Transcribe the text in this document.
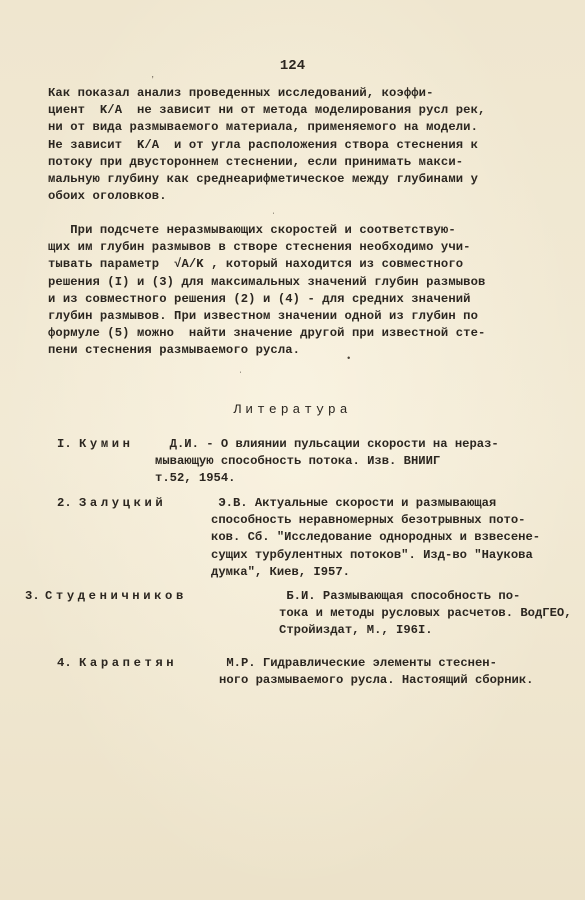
124
Как показал анализ проведенных исследований, коэффи-
циент  K/A  не зависит ни от метода моделирования русл рек,
ни от вида размываемого материала, применяемого на модели.
Не зависит  K/A  и от угла расположения створа стеснения к
потоку при двустороннем стеснении, если принимать макси-
мальную глубину как среднеарифметическое между глубинами у
обоих оголовков.
При подсчете неразмывающих скоростей и соответствую-
щих им глубин размывов в створе стеснения необходимо учи-
тывать параметр  √A/K , который находится из совместного
решения (I) и (3) для максимальных значений глубин размывов
и из совместного решения (2) и (4) - для средних значений
глубин размывов. При известном значении одной из глубин по
формуле (5) можно  найти значение другой при известной сте-
пени стеснения размываемого русла.
Литература

I.

Кумин

	Д.И. - О влиянии пульсации скорости на нераз-
мывающую способность потока. Изв. ВНИИГ
т.52, 1954.

2.

Залуцкий

	Э.В. Актуальные скорости и размывающая
способность неравномерных безотрывных пото-
ков. Сб. "Исследование однородных и взвесене-
сущих турбулентных потоков". Изд-во "Наукова
думка", Киев, I957.

3.

Студеничников

	Б.И. Размывающая способность по-
тока и методы русловых расчетов. ВодГЕО,
Стройиздат, М., I96I.

4.

Карапетян

	М.Р. Гидравлические элементы стеснен-
ного размываемого русла. Настоящий сборник.

ʼ
ˈ
•
ˈ
